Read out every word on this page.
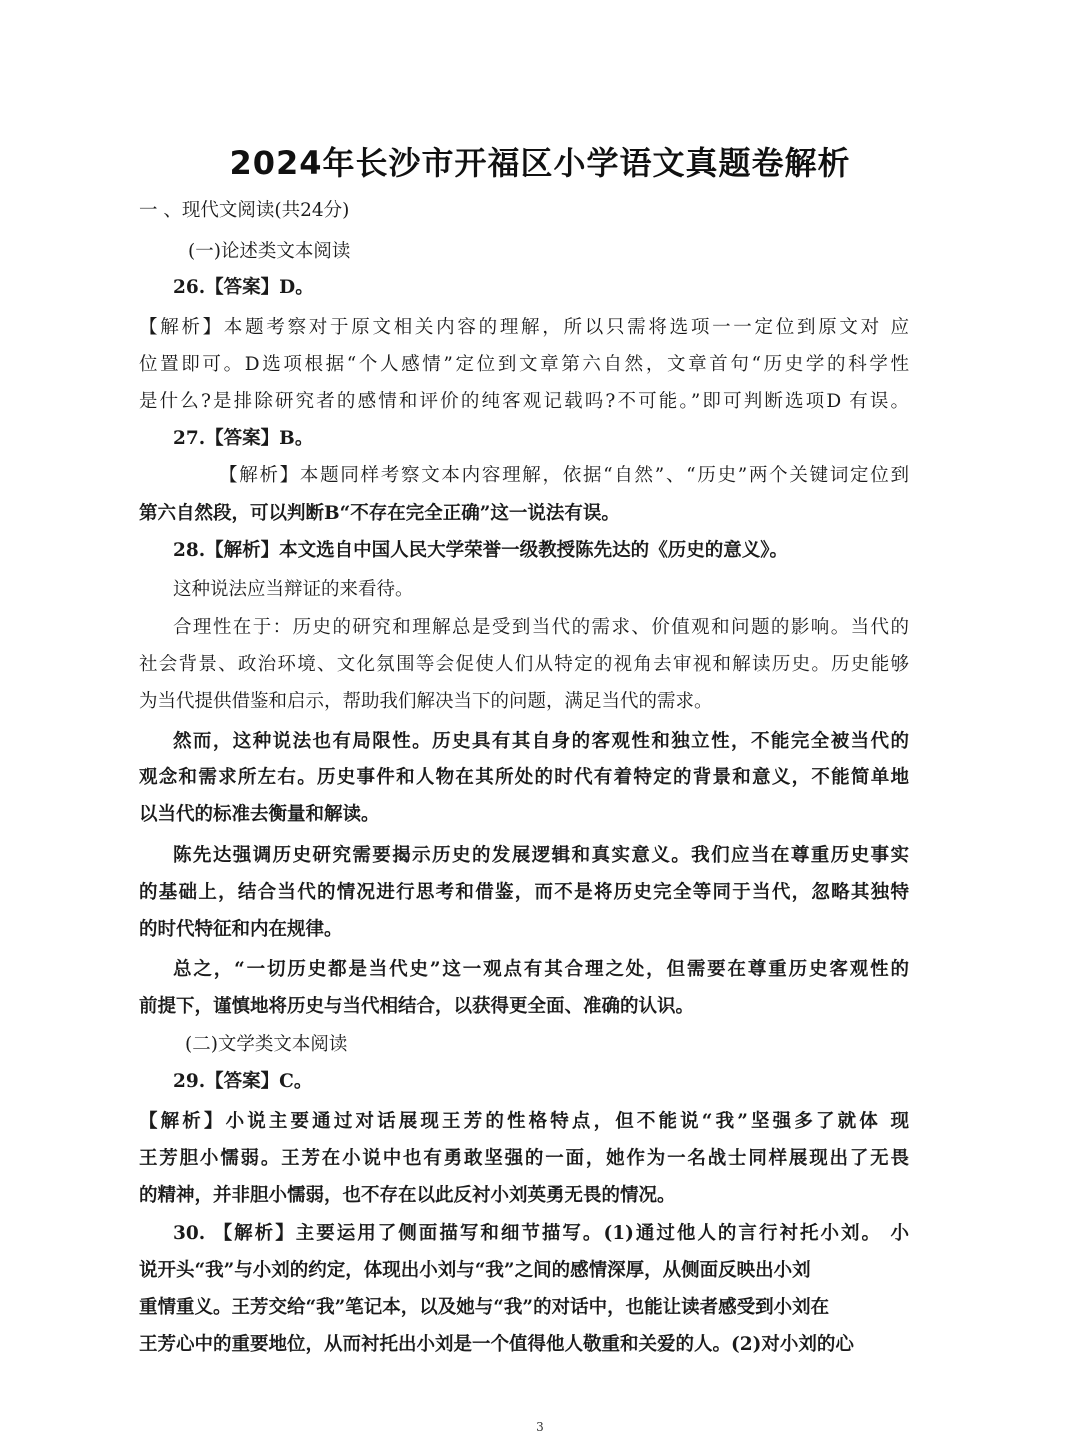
2024年长沙市开福区小学语文真题卷解析
一 、现代文阅读(共24分)
(一)论述类文本阅读
26.【答案】D。
【解析】本题考察对于原文相关内容的理解，所以只需将选项一一定位到原文对 应
位置即可。D选项根据“个人感情”定位到文章第六自然，文章首句“历史学的科学性
是什么?是排除研究者的感情和评价的纯客观记载吗?不可能。”即可判断选项D 有误。
27.【答案】B。
【解析】本题同样考察文本内容理解，依据“自然”、“历史”两个关键词定位到
第六自然段，可以判断B“不存在完全正确”这一说法有误。
28.【解析】本文选自中国人民大学荣誉一级教授陈先达的《历史的意义》。
这种说法应当辩证的来看待。
合理性在于：历史的研究和理解总是受到当代的需求、价值观和问题的影响。当代的
社会背景、政治环境、文化氛围等会促使人们从特定的视角去审视和解读历史。历史能够
为当代提供借鉴和启示，帮助我们解决当下的问题，满足当代的需求。
然而，这种说法也有局限性。历史具有其自身的客观性和独立性，不能完全被当代的
观念和需求所左右。历史事件和人物在其所处的时代有着特定的背景和意义，不能简单地
以当代的标准去衡量和解读。
陈先达强调历史研究需要揭示历史的发展逻辑和真实意义。我们应当在尊重历史事实
的基础上，结合当代的情况进行思考和借鉴，而不是将历史完全等同于当代，忽略其独特
的时代特征和内在规律。
总之，“一切历史都是当代史”这一观点有其合理之处，但需要在尊重历史客观性的
前提下，谨慎地将历史与当代相结合，以获得更全面、准确的认识。
(二)文学类文本阅读
29.【答案】C。
【解析】小说主要通过对话展现王芳的性格特点，但不能说“我”坚强多了就体 现
王芳胆小懦弱。王芳在小说中也有勇敢坚强的一面，她作为一名战士同样展现出了无畏
的精神，并非胆小懦弱，也不存在以此反衬小刘英勇无畏的情况。
30. 【解析】主要运用了侧面描写和细节描写。(1)通过他人的言行衬托小刘。 小
说开头“我”与小刘的约定，体现出小刘与“我”之间的感情深厚，从侧面反映出小刘
重情重义。王芳交给“我”笔记本，以及她与“我”的对话中，也能让读者感受到小刘在
王芳心中的重要地位，从而衬托出小刘是一个值得他人敬重和关爱的人。(2)对小刘的心
3
